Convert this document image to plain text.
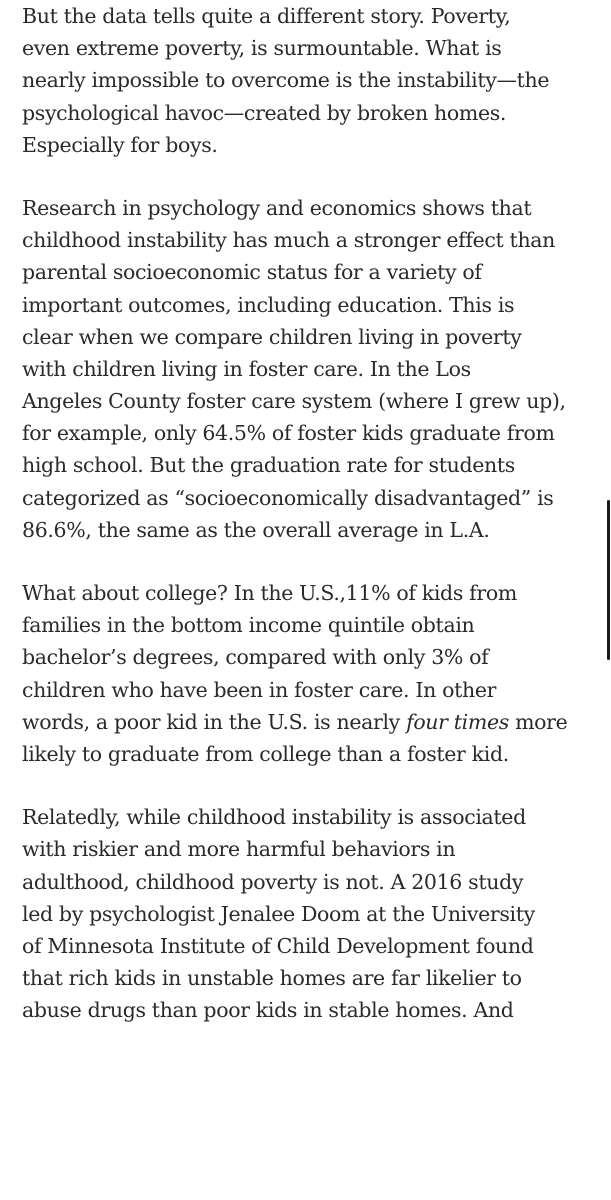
But the data tells quite a different story. Poverty,
even extreme poverty, is surmountable. What is
nearly impossible to overcome is the instability—the
psychological havoc—created by broken homes.
Especially for boys.

Research in psychology and economics shows that
childhood instability has much a stronger effect than
parental socioeconomic status for a variety of
important outcomes, including education. This is
clear when we compare children living in poverty
with children living in foster care. In the Los
Angeles County foster care system (where I grew up),
for example, only 64.5% of foster kids graduate from
high school. But the graduation rate for students
categorized as “socioeconomically disadvantaged” is
86.6%, the same as the overall average in L.A.

What about college? In the U.S.,11% of kids from
families in the bottom income quintile obtain
bachelor’s degrees, compared with only 3% of
children who have been in foster care. In other
words, a poor kid in the U.S. is nearly four times more
likely to graduate from college than a foster kid.

Relatedly, while childhood instability is associated
with riskier and more harmful behaviors in
adulthood, childhood poverty is not. A 2016 study
led by psychologist Jenalee Doom at the University
of Minnesota Institute of Child Development found
that rich kids in unstable homes are far likelier to
abuse drugs than poor kids in stable homes. And
